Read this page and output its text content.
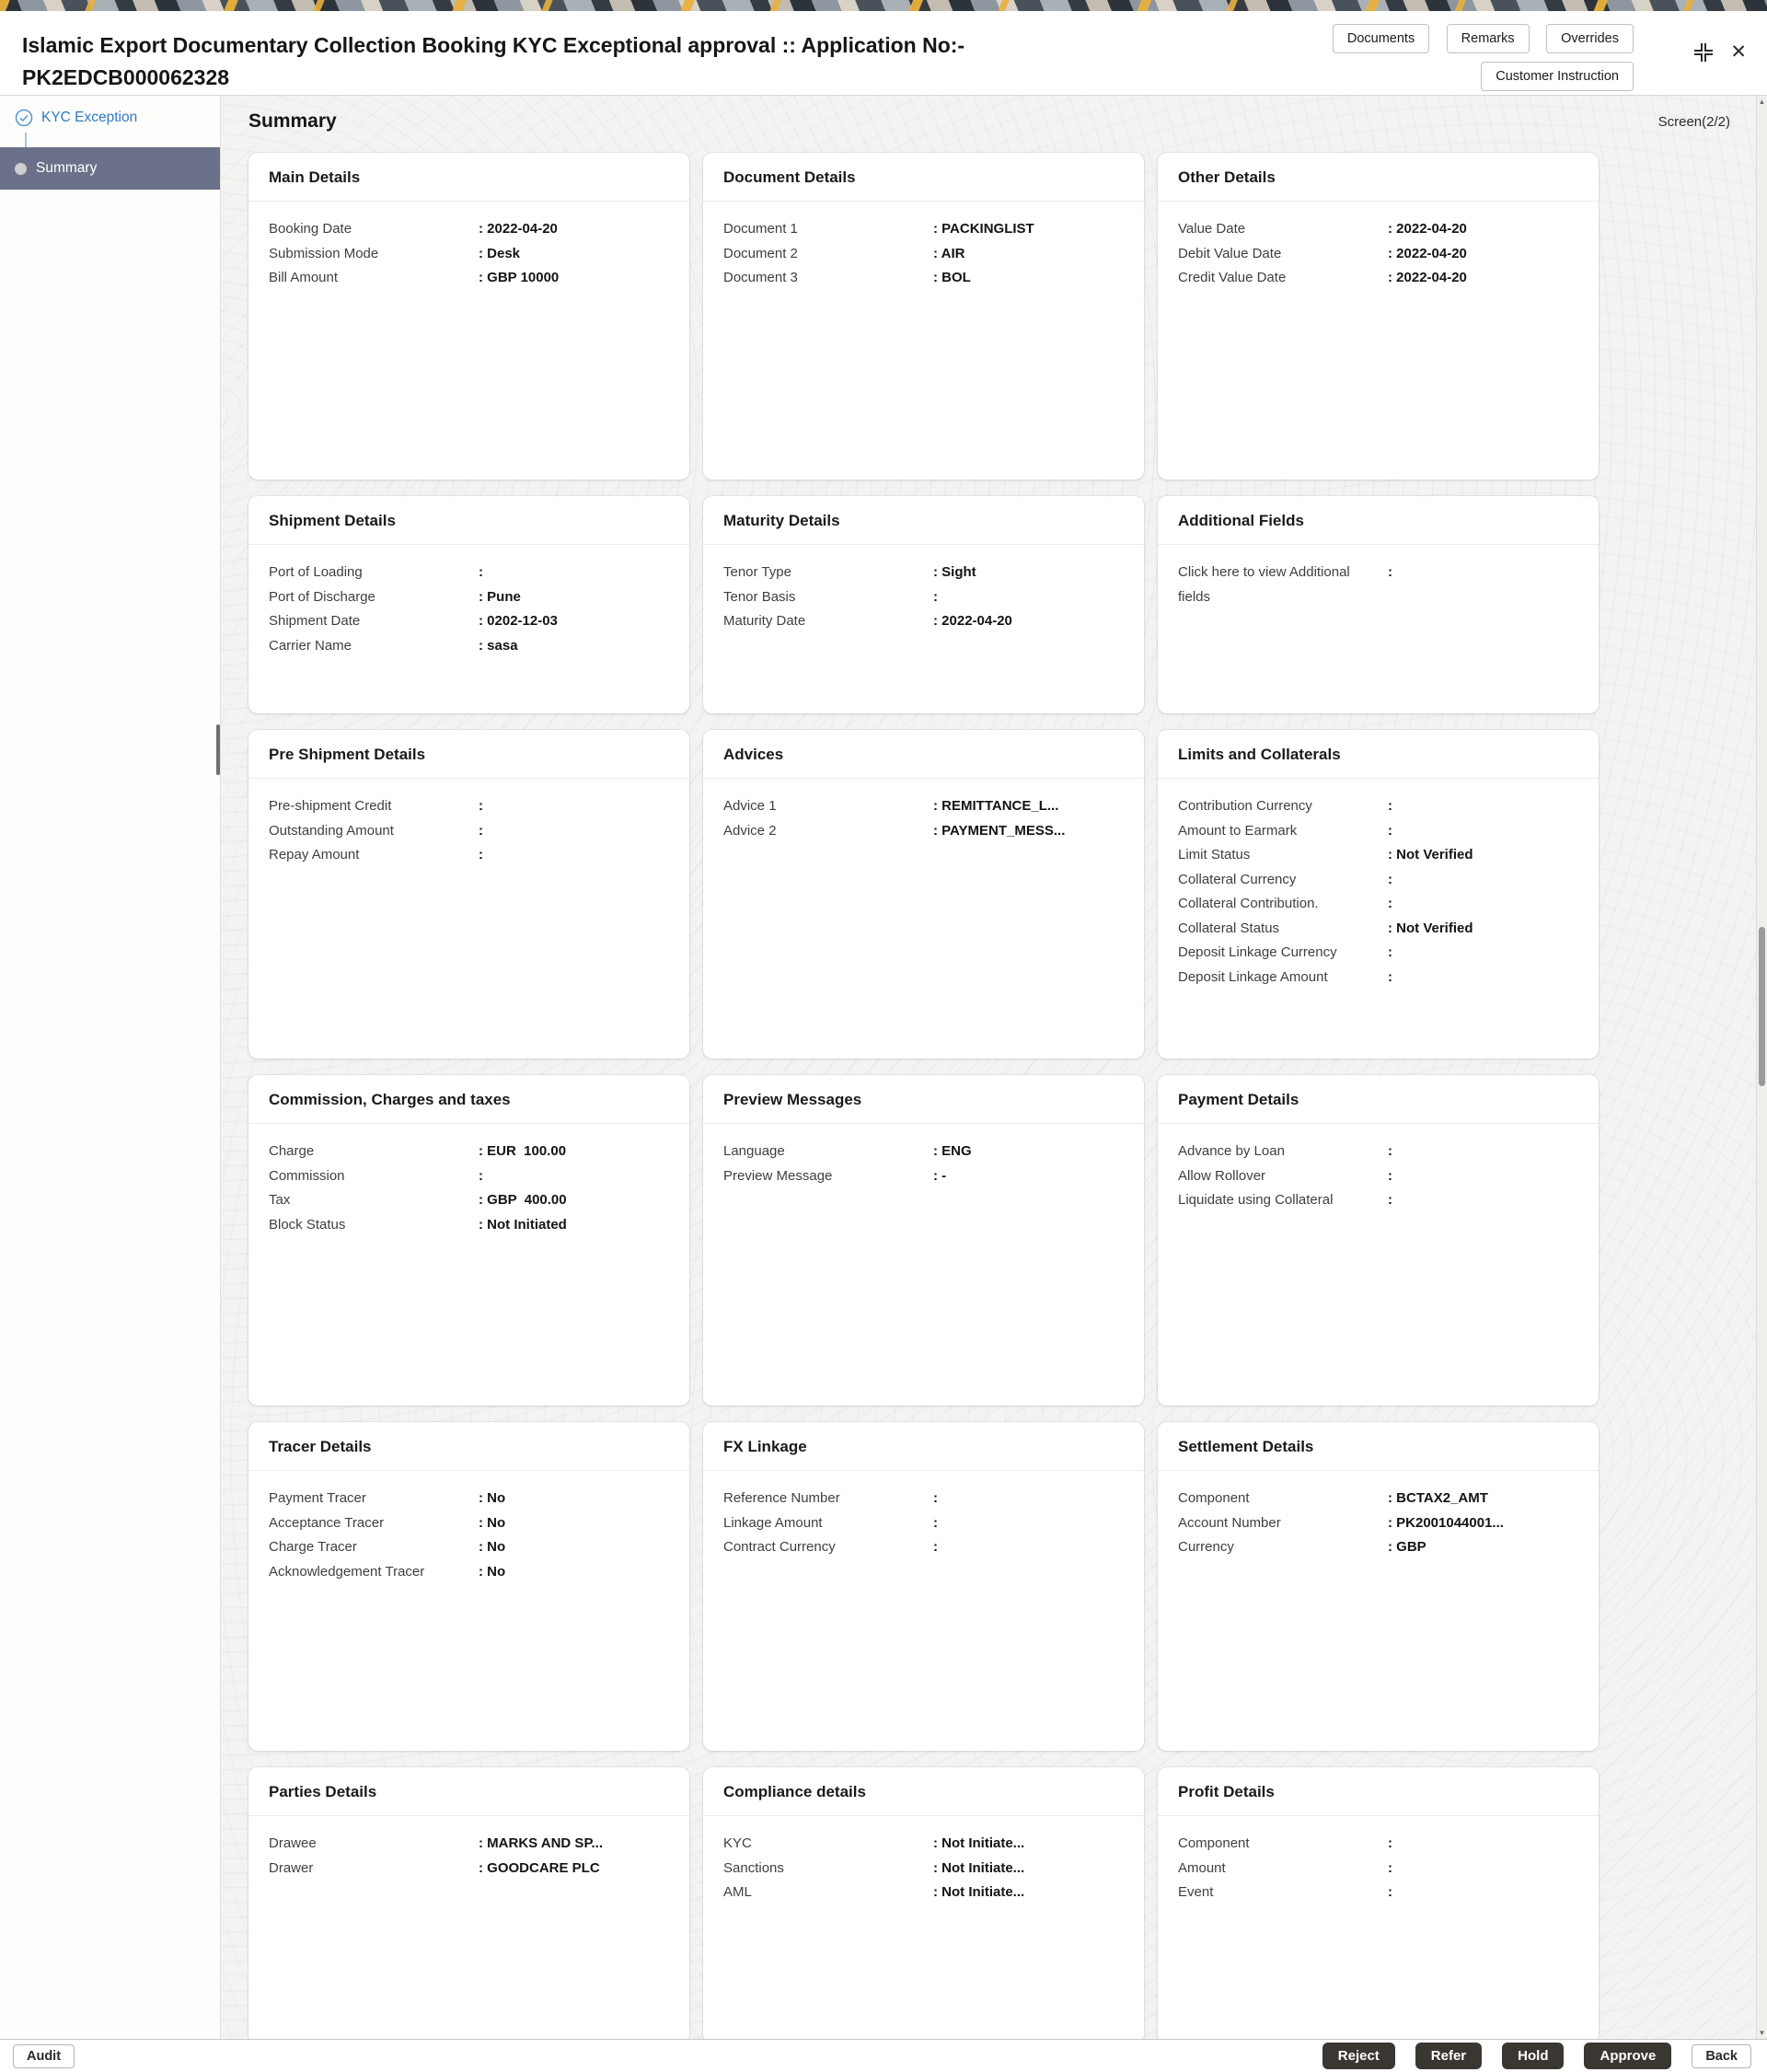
Islamic Export Documentary Collection Booking KYC Exceptional approval :: Application No:-
PK2EDCB000062328
Documents	Remarks	Overrides
Customer Instruction
✕
KYC Exception
Summary
Summary	Screen(2/2)
Main Details
Booking Date	: 2022-04-20
Submission Mode	: Desk
Bill Amount	: GBP 10000
Document Details
Document 1	: PACKINGLIST
Document 2	: AIR
Document 3	: BOL
Other Details
Value Date	: 2022-04-20
Debit Value Date	: 2022-04-20
Credit Value Date	: 2022-04-20
Shipment Details
Port of Loading	:
Port of Discharge	: Pune
Shipment Date	: 0202-12-03
Carrier Name	: sasa
Maturity Details
Tenor Type	: Sight
Tenor Basis	:
Maturity Date	: 2022-04-20
Additional Fields
Click here to view Additional fields
:
Pre Shipment Details
Pre-shipment Credit	:
Outstanding Amount	:
Repay Amount	:
Advices
Advice 1	: REMITTANCE_L...
Advice 2	: PAYMENT_MESS...
Limits and Collaterals
Contribution Currency	:
Amount to Earmark	:
Limit Status	: Not Verified
Collateral Currency	:
Collateral Contribution.	:
Collateral Status	: Not Verified
Deposit Linkage Currency	:
Deposit Linkage Amount	:
Commission, Charges and taxes
Charge	: EUR  100.00
Commission	:
Tax	: GBP  400.00
Block Status	: Not Initiated
Preview Messages
Language	: ENG
Preview Message	: -
Payment Details
Advance by Loan	:
Allow Rollover	:
Liquidate using Collateral	:
Tracer Details
Payment Tracer	: No
Acceptance Tracer	: No
Charge Tracer	: No
Acknowledgement Tracer	: No
FX Linkage
Reference Number	:
Linkage Amount	:
Contract Currency	:
Settlement Details
Component	: BCTAX2_AMT
Account Number	: PK2001044001...
Currency	: GBP
Parties Details
Drawee	: MARKS AND SP...
Drawer	: GOODCARE PLC
Compliance details
KYC	: Not Initiate...
Sanctions	: Not Initiate...
AML	: Not Initiate...
Profit Details
Component	:
Amount	:
Event	:
▲
▼
Audit	Reject	Refer	Hold	Approve	Back
